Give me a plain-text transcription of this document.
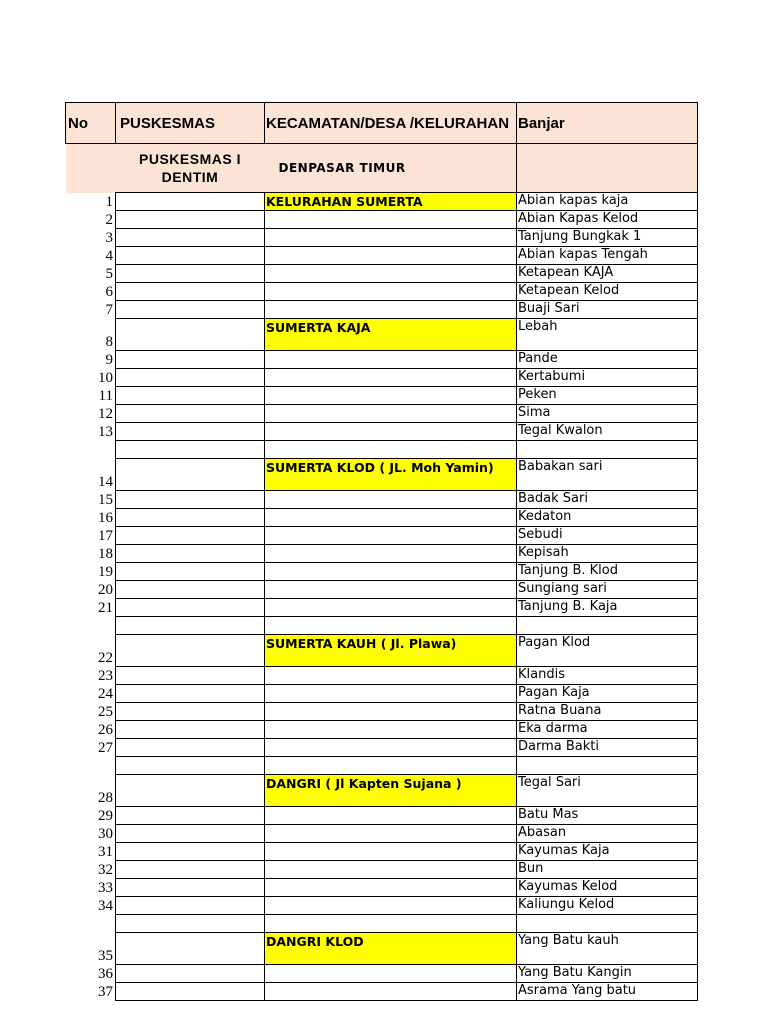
No	PUSKESMAS	KECAMATAN/DESA /KELURAHAN	Banjar
	PUSKESMAS I DENTIM	DENPASAR TIMUR	
1		KELURAHAN SUMERTA	Abian kapas kaja
2			Abian Kapas Kelod
3			Tanjung Bungkak 1
4			Abian kapas Tengah
5			Ketapean KAJA
6			Ketapean Kelod
7			Buaji Sari
8		SUMERTA KAJA	Lebah
9			Pande
10			Kertabumi
11			Peken
12			Sima
13			Tegal Kwalon

14		SUMERTA KLOD ( JL. Moh Yamin)	Babakan sari
15			Badak Sari
16			Kedaton
17			Sebudi
18			Kepisah
19			Tanjung B. Klod
20			Sungiang sari
21			Tanjung B. Kaja

22		SUMERTA KAUH ( Jl. Plawa)	Pagan Klod
23			Klandis
24			Pagan Kaja
25			Ratna Buana
26			Eka darma
27			Darma Bakti

28		DANGRI ( Jl Kapten Sujana )	Tegal Sari
29			Batu Mas
30			Abasan
31			Kayumas Kaja
32			Bun
33			Kayumas Kelod
34			Kaliungu Kelod

35		DANGRI KLOD	Yang Batu kauh
36			Yang Batu Kangin
37			Asrama Yang batu
